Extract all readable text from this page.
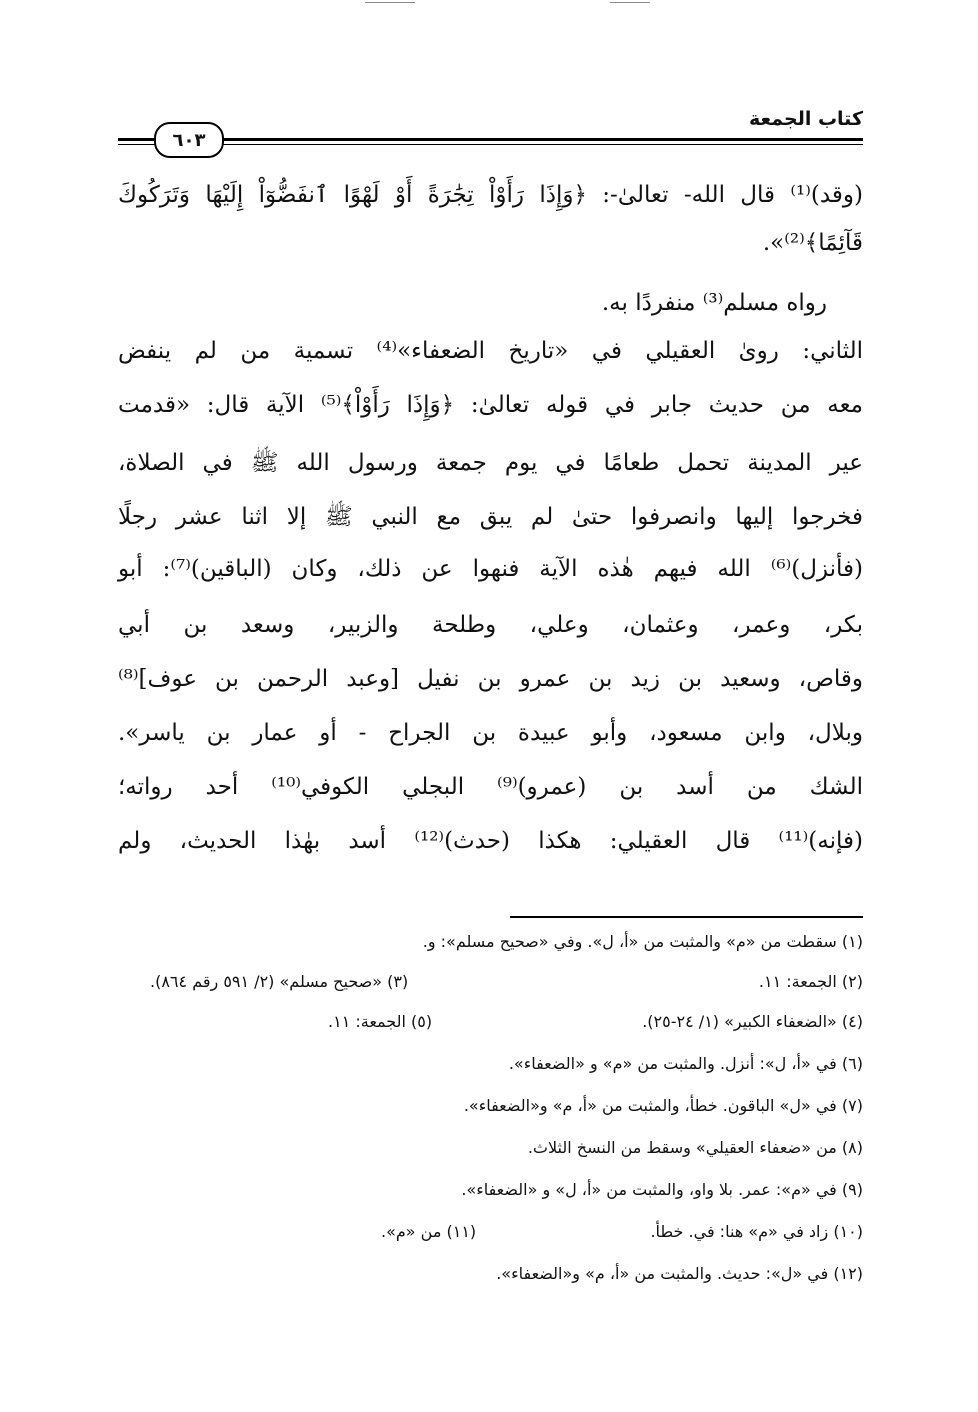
كتاب الجمعة
٦٠٣
(وقد)⁽¹⁾ قال الله- تعالىٰ-: ﴿وَإِذَا رَأَوْاْ تِجَٰرَةً أَوْ لَهْوًا ٱنفَضُّوٓاْ إِلَيْهَا وَتَرَكُوكَ
قَآئِمًا﴾⁽²⁾».
رواه مسلم⁽³⁾ منفردًا به.
الثاني: روىٰ العقيلي في «تاريخ الضعفاء»⁽⁴⁾ تسمية من لم ينفض
معه من حديث جابر في قوله تعالىٰ: ﴿وَإِذَا رَأَوْاْ﴾⁽⁵⁾ الآية قال: «قدمت
عير المدينة تحمل طعامًا في يوم جمعة ورسول الله ﷺ في الصلاة،
فخرجوا إليها وانصرفوا حتىٰ لم يبق مع النبي ﷺ إلا اثنا عشر رجلًا
(فأنزل)⁽⁶⁾ الله فيهم هٰذه الآية فنهوا عن ذلك، وكان (الباقين)⁽⁷⁾: أبو
بكر، وعمر، وعثمان، وعلي، وطلحة والزبير، وسعد بن أبي
وقاص، وسعيد بن زيد بن عمرو بن نفيل [وعبد الرحمن بن عوف]⁽⁸⁾
وبلال، وابن مسعود، وأبو عبيدة بن الجراح - أو عمار بن ياسر».
الشك من أسد بن (عمرو)⁽⁹⁾ البجلي الكوفي⁽¹⁰⁾ أحد رواته؛
(فإنه)⁽¹¹⁾ قال العقيلي: هكذا (حدث)⁽¹²⁾ أسد بهٰذا الحديث، ولم
(١) سقطت من «م» والمثبت من «أ، ل». وفي «صحيح مسلم»: و.
(٢) الجمعة: ١١.
(٣) «صحيح مسلم» (٢/ ٥٩١ رقم ٨٦٤).
(٤) «الضعفاء الكبير» (١/ ٢٤-٢٥).
(٥) الجمعة: ١١.
(٦) في «أ، ل»: أنزل. والمثبت من «م» و «الضعفاء».
(٧) في «ل» الباقون. خطأ، والمثبت من «أ، م» و«الضعفاء».
(٨) من «ضعفاء العقيلي» وسقط من النسخ الثلاث.
(٩) في «م»: عمر. بلا واو، والمثبت من «أ، ل» و «الضعفاء».
(١٠) زاد في «م» هنا: في. خطأ.
(١١) من «م».
(١٢) في «ل»: حديث. والمثبت من «أ، م» و«الضعفاء».
